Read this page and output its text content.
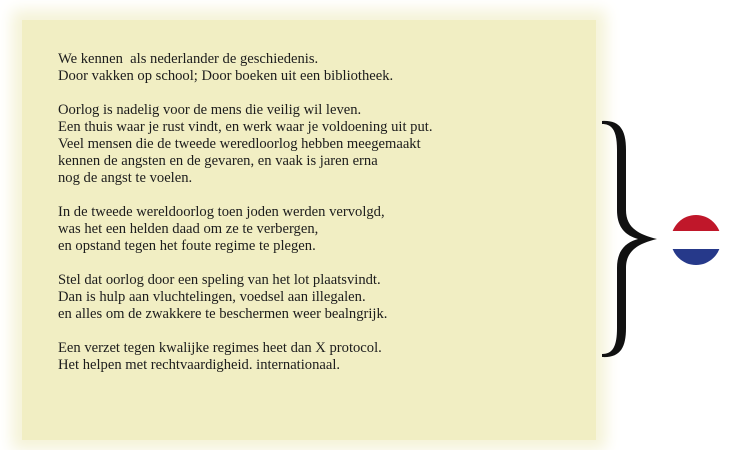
We kennen  als nederlander de geschiedenis.
Door vakken op school; Door boeken uit een bibliotheek.

Oorlog is nadelig voor de mens die veilig wil leven.
Een thuis waar je rust vindt, en werk waar je voldoening uit put.
Veel mensen die de tweede weredloorlog hebben meegemaakt
kennen de angsten en de gevaren, en vaak is jaren erna
nog de angst te voelen.

In de tweede wereldoorlog toen joden werden vervolgd,
was het een helden daad om ze te verbergen,
en opstand tegen het foute regime te plegen.

Stel dat oorlog door een speling van het lot plaatsvindt.
Dan is hulp aan vluchtelingen, voedsel aan illegalen.
en alles om de zwakkere te beschermen weer bealngrijk.

Een verzet tegen kwalijke regimes heet dan X protocol.
Het helpen met rechtvaardigheid. internationaal.
